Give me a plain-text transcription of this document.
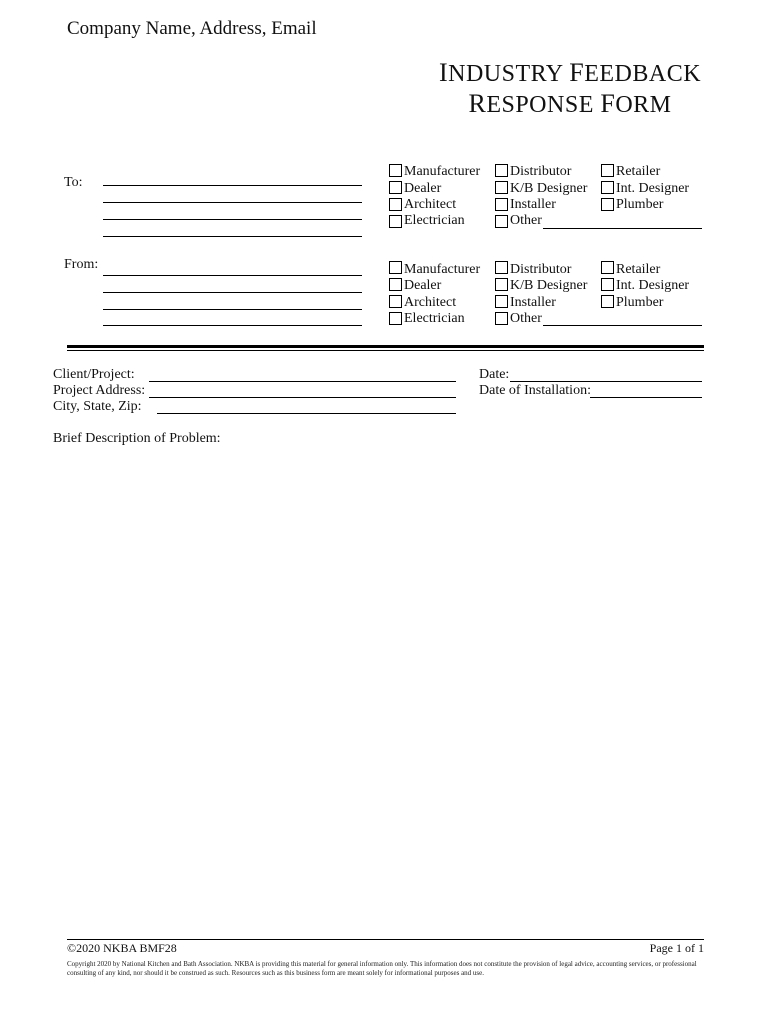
Company Name, Address, Email
INDUSTRY FEEDBACK
RESPONSE FORM
To:
Manufacturer
Dealer
Architect
Electrician
Distributor
K/B Designer
Installer
Other
Retailer
Int. Designer
Plumber
From:	Manufacturer
Dealer
Architect
Electrician
Distributor
K/B Designer
Installer
Other
Retailer
Int. Designer
Plumber
Client/Project:
Project Address:
City, State, Zip:
Date:
Date of Installation:
Brief Description of Problem:
©2020 NKBA BMF28	Page 1 of 1
Copyright 2020 by National Kitchen and Bath Association. NKBA is providing this material for general information only. This information does not constitute the provision of legal advice, accounting services, or professional consulting of any kind, nor should it be construed as such. Resources such as this business form are meant solely for informational purposes and use.
